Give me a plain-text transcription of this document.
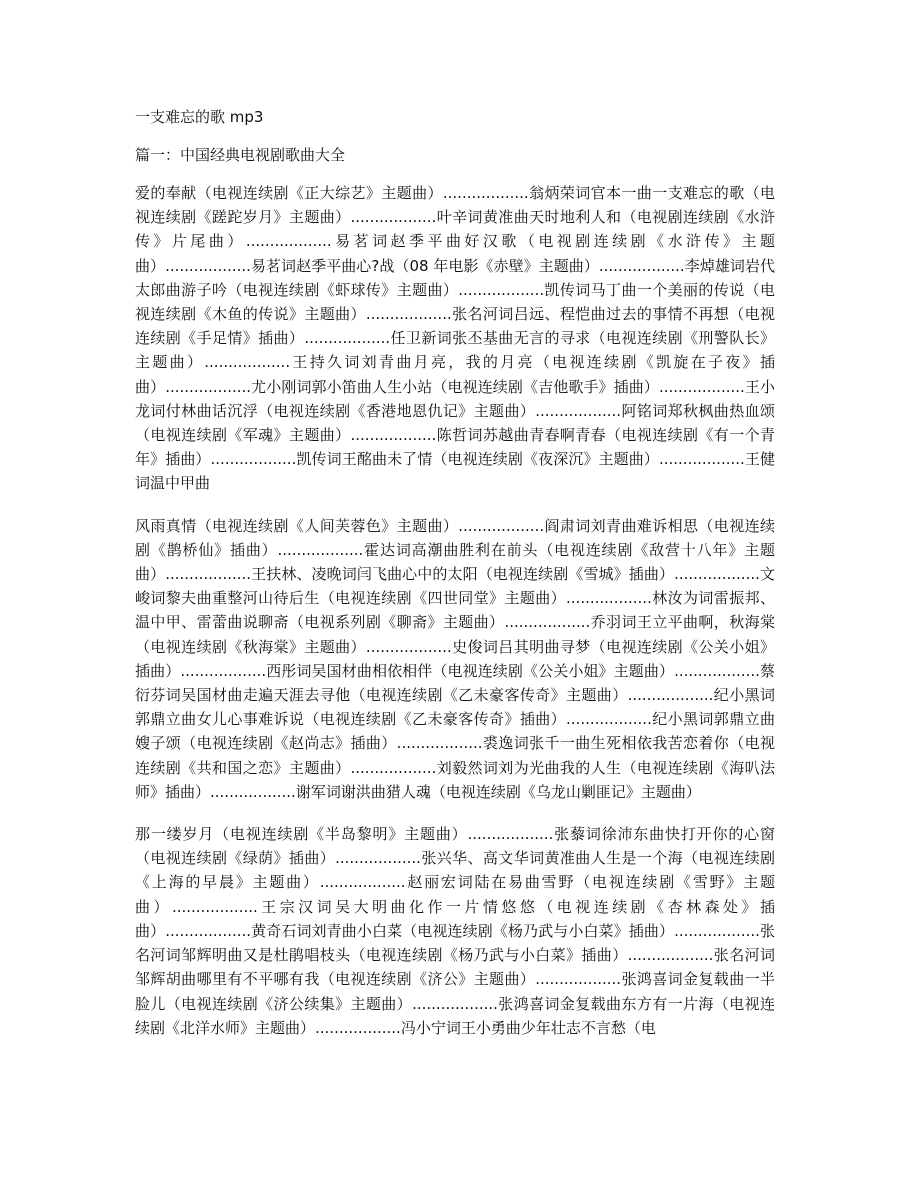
一支难忘的歌 mp3
篇一：中国经典电视剧歌曲大全

爱的奉献（电视连续剧《正大综艺》主题曲）..................翁炳荣词官本一曲一支难忘的歌（电视连续剧《蹉跎岁月》主题曲）..................叶辛词黄准曲天时地利人和（电视剧连续剧《水浒传》片尾曲）..................易茗词赵季平曲好汉歌（电视剧连续剧《水浒传》主题曲）..................易茗词赵季平曲心?战（08 年电影《赤壁》主题曲）..................李焯雄词岩代太郎曲游子吟（电视连续剧《虾球传》主题曲）..................凯传词马丁曲一个美丽的传说（电视连续剧《木鱼的传说》主题曲）..................张名河词吕远、程恺曲过去的事情不再想（电视连续剧《手足情》插曲）..................任卫新词张丕基曲无言的寻求（电视连续剧《刑警队长》主题曲）..................王持久词刘青曲月亮，我的月亮（电视连续剧《凯旋在子夜》插曲）..................尤小刚词郭小笛曲人生小站（电视连续剧《吉他歌手》插曲）..................王小龙词付林曲话沉浮（电视连续剧《香港地恩仇记》主题曲）..................阿铭词郑秋枫曲热血颂（电视连续剧《军魂》主题曲）..................陈哲词苏越曲青春啊青春（电视连续剧《有一个青年》插曲）..................凯传词王酩曲未了情（电视连续剧《夜深沉》主题曲）..................王健词温中甲曲

风雨真情（电视连续剧《人间芙蓉色》主题曲）..................阎肃词刘青曲难诉相思（电视连续剧《鹊桥仙》插曲）..................霍达词高潮曲胜利在前头（电视连续剧《敌营十八年》主题曲）..................王扶林、凌晚词闫飞曲心中的太阳（电视连续剧《雪城》插曲）..................文峻词黎夫曲重整河山待后生（电视连续剧《四世同堂》主题曲）..................林汝为词雷振邦、温中甲、雷蕾曲说聊斋（电视系列剧《聊斋》主题曲）..................乔羽词王立平曲啊，秋海棠（电视连续剧《秋海棠》主题曲）..................史俊词吕其明曲寻梦（电视连续剧《公关小姐》插曲）..................西彤词吴国材曲相依相伴（电视连续剧《公关小姐》主题曲）..................蔡衍芬词吴国材曲走遍天涯去寻他（电视连续剧《乙未豪客传奇》主题曲）..................纪小黑词郭鼎立曲女儿心事难诉说（电视连续剧《乙未豪客传奇》插曲）..................纪小黑词郭鼎立曲嫂子颂（电视连续剧《赵尚志》插曲）..................裘逸词张千一曲生死相依我苦恋着你（电视连续剧《共和国之恋》主题曲）..................刘毅然词刘为光曲我的人生（电视连续剧《海叭法师》插曲）..................谢军词谢洪曲猎人魂（电视连续剧《乌龙山剿匪记》主题曲）

那一缕岁月（电视连续剧《半岛黎明》主题曲）..................张藜词徐沛东曲快打开你的心窗（电视连续剧《绿荫》插曲）..................张兴华、高文华词黄准曲人生是一个海（电视连续剧《上海的早晨》主题曲）..................赵丽宏词陆在易曲雪野（电视连续剧《雪野》主题曲）..................王宗汉词吴大明曲化作一片情悠悠（电视连续剧《杏林森处》插曲）..................黄奇石词刘青曲小白菜（电视连续剧《杨乃武与小白菜》插曲）..................张名河词邹辉明曲又是杜鹃唱枝头（电视连续剧《杨乃武与小白菜》插曲）..................张名河词邹辉胡曲哪里有不平哪有我（电视连续剧《济公》主题曲）..................张鸿喜词金复载曲一半脸儿（电视连续剧《济公续集》主题曲）..................张鸿喜词金复载曲东方有一片海（电视连续剧《北洋水师》主题曲）..................冯小宁词王小勇曲少年壮志不言愁（电
